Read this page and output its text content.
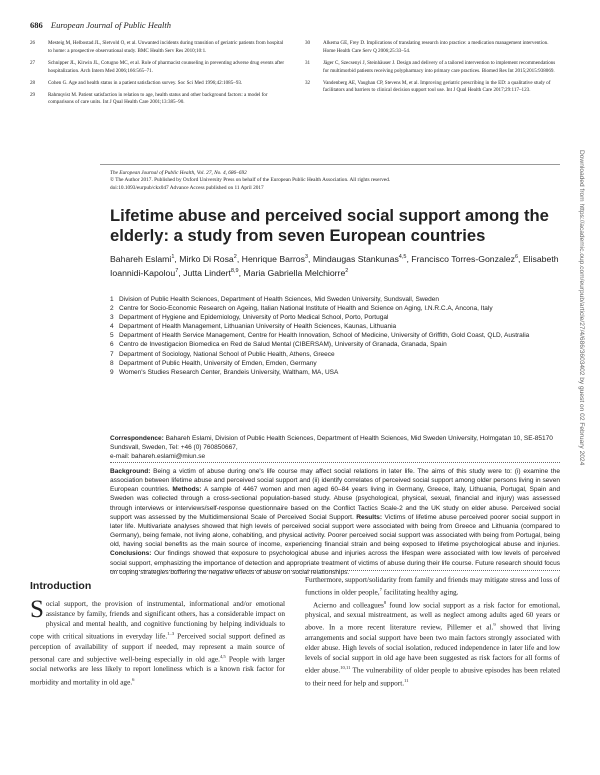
686 European Journal of Public Health
26	Mesteig M, Helbostad JL, Sletvold O, et al. Unwanted incidents during transition of geriatric patients from hospital to home: a prospective observational study. BMC Health Serv Res 2010;10:1.
27	Schnipper JL, Kirwin JL, Cotugno MC, et al. Role of pharmacist counseling in preventing adverse drug events after hospitalization. Arch Intern Med 2006;166:565–71.
28	Cohen G. Age and health status in a patient satisfaction survey. Soc Sci Med 1996;42:1085–93.
29	Rahmqvist M. Patient satisfaction in relation to age, health status and other background factors: a model for comparisons of care units. Int J Qual Health Care 2001;13:385–90.
30	Alkema GE, Frey D. Implications of translating research into practice: a medication management intervention. Home Health Care Serv Q 2006;25:33–54.
31	Jäger C, Szecsenyi J, Steinhäuser J. Design and delivery of a tailored intervention to implement recommendations for multimorbid patients receiving polypharmacy into primary care practices. Biomed Res Int 2015;2015:938069.
32	Vandenberg AE, Vaughan CP, Stevens M, et al. Improving geriatric prescribing in the ED: a qualitative study of facilitators and barriers to clinical decision support tool use. Int J Qual Health Care 2017;29:117–123.
The European Journal of Public Health, Vol. 27, No. 4, 686–692
© The Author 2017. Published by Oxford University Press on behalf of the European Public Health Association. All rights reserved.
doi:10.1093/eurpub/ckx047 Advance Access published on 11 April 2017
Lifetime abuse and perceived social support among the elderly: a study from seven European countries
Bahareh Eslami$^1$, Mirko Di Rosa$^2$, Henrique Barros$^3$, Mindaugas Stankunas$^{4,5}$, Francisco Torres-Gonzalez$^6$, Elisabeth Ioannidi-Kapolou$^7$, Jutta Lindert$^{8,9}$, Maria Gabriella Melchiorre$^2$
1 Division of Public Health Sciences, Department of Health Sciences, Mid Sweden University, Sundsvall, Sweden
2 Centre for Socio-Economic Research on Ageing, Italian National Institute of Health and Science on Aging, I.N.R.C.A, Ancona, Italy
3 Department of Hygiene and Epidemiology, University of Porto Medical School, Porto, Portugal
4 Department of Health Management, Lithuanian University of Health Sciences, Kaunas, Lithuania
5 Department of Health Service Management, Centre for Health Innovation, School of Medicine, University of Griffith, Gold Coast, QLD, Australia
6 Centro de Investigacion Biomedica en Red de Salud Mental (CIBERSAM), University of Granada, Granada, Spain
7 Department of Sociology, National School of Public Health, Athens, Greece
8 Department of Public Health, University of Emden, Emden, Germany
9 Women's Studies Research Center, Brandeis University, Waltham, MA, USA
Correspondence: Bahareh Eslami, Division of Public Health Sciences, Department of Health Sciences, Mid Sweden University, Holmgatan 10, SE-85170 Sundsvall, Sweden, Tel: +46 (0) 760850667,
e-mail: bahareh.eslami@miun.se
Background: Being a victim of abuse during one's life course may affect social relations in later life. The aims of this study were to: (i) examine the association between lifetime abuse and perceived social support and (ii) identify correlates of perceived social support among older persons living in seven European countries. Methods: A sample of 4467 women and men aged 60–84 years living in Germany, Greece, Italy, Lithuania, Portugal, Spain and Sweden was collected through a cross-sectional population-based study. Abuse (psychological, physical, sexual, financial and injury) was assessed through interviews or interviews/self-response questionnaire based on the Conflict Tactics Scale-2 and the UK study on elder abuse. Perceived social support was assessed by the Multidimensional Scale of Perceived Social Support. Results: Victims of lifetime abuse perceived poorer social support in later life. Multivariate analyses showed that high levels of perceived social support were associated with being from Greece and Lithuania (compared to Germany), being female, not living alone, cohabiting, and physical activity. Poorer perceived social support was associated with being from Portugal, being old, having social benefits as the main source of income, experiencing financial strain and being exposed to lifetime psychological abuse and injuries. Conclusions: Our findings showed that exposure to psychological abuse and injuries across the lifespan were associated with low levels of perceived social support, emphasizing the importance of detection and appropriate treatment of victims of abuse during their life course. Future research should focus on coping strategies buffering the negative effects of abuse on social relationships.
Introduction
Social support, the provision of instrumental, informational and/or emotional assistance by family, friends and significant others, has a considerable impact on physical and mental health, and cognitive functioning by helping individuals to cope with critical situations in everyday life.$^{1-3}$ Perceived social support defined as perception of availability of support if needed, may represent a main source of personal care and subjective well-being especially in old age.$^{4,5}$ People with larger social networks are less likely to report loneliness which is a known risk factor for morbidity and mortality in old age.$^6$
Furthermore, support/solidarity from family and friends may mitigate stress and loss of functions in older people,$^7$ facilitating healthy aging.
Acierno and colleagues$^8$ found low social support as a risk factor for emotional, physical, and sexual mistreatment, as well as neglect among adults aged 60 years or above. In a more recent literature review, Pillemer et al.$^9$ showed that living arrangements and social support have been two main factors strongly associated with elder abuse. High levels of social isolation, reduced independence in later life and low levels of social support in old age have been suggested as risk factors for all forms of elder abuse.$^{10,11}$ The vulnerability of older people to abusive episodes has been related to their need for help and support.$^{11}$
Downloaded from https://academic.oup.com/eurpub/article/27/4/686/3603402 by guest on 02 February 2024
